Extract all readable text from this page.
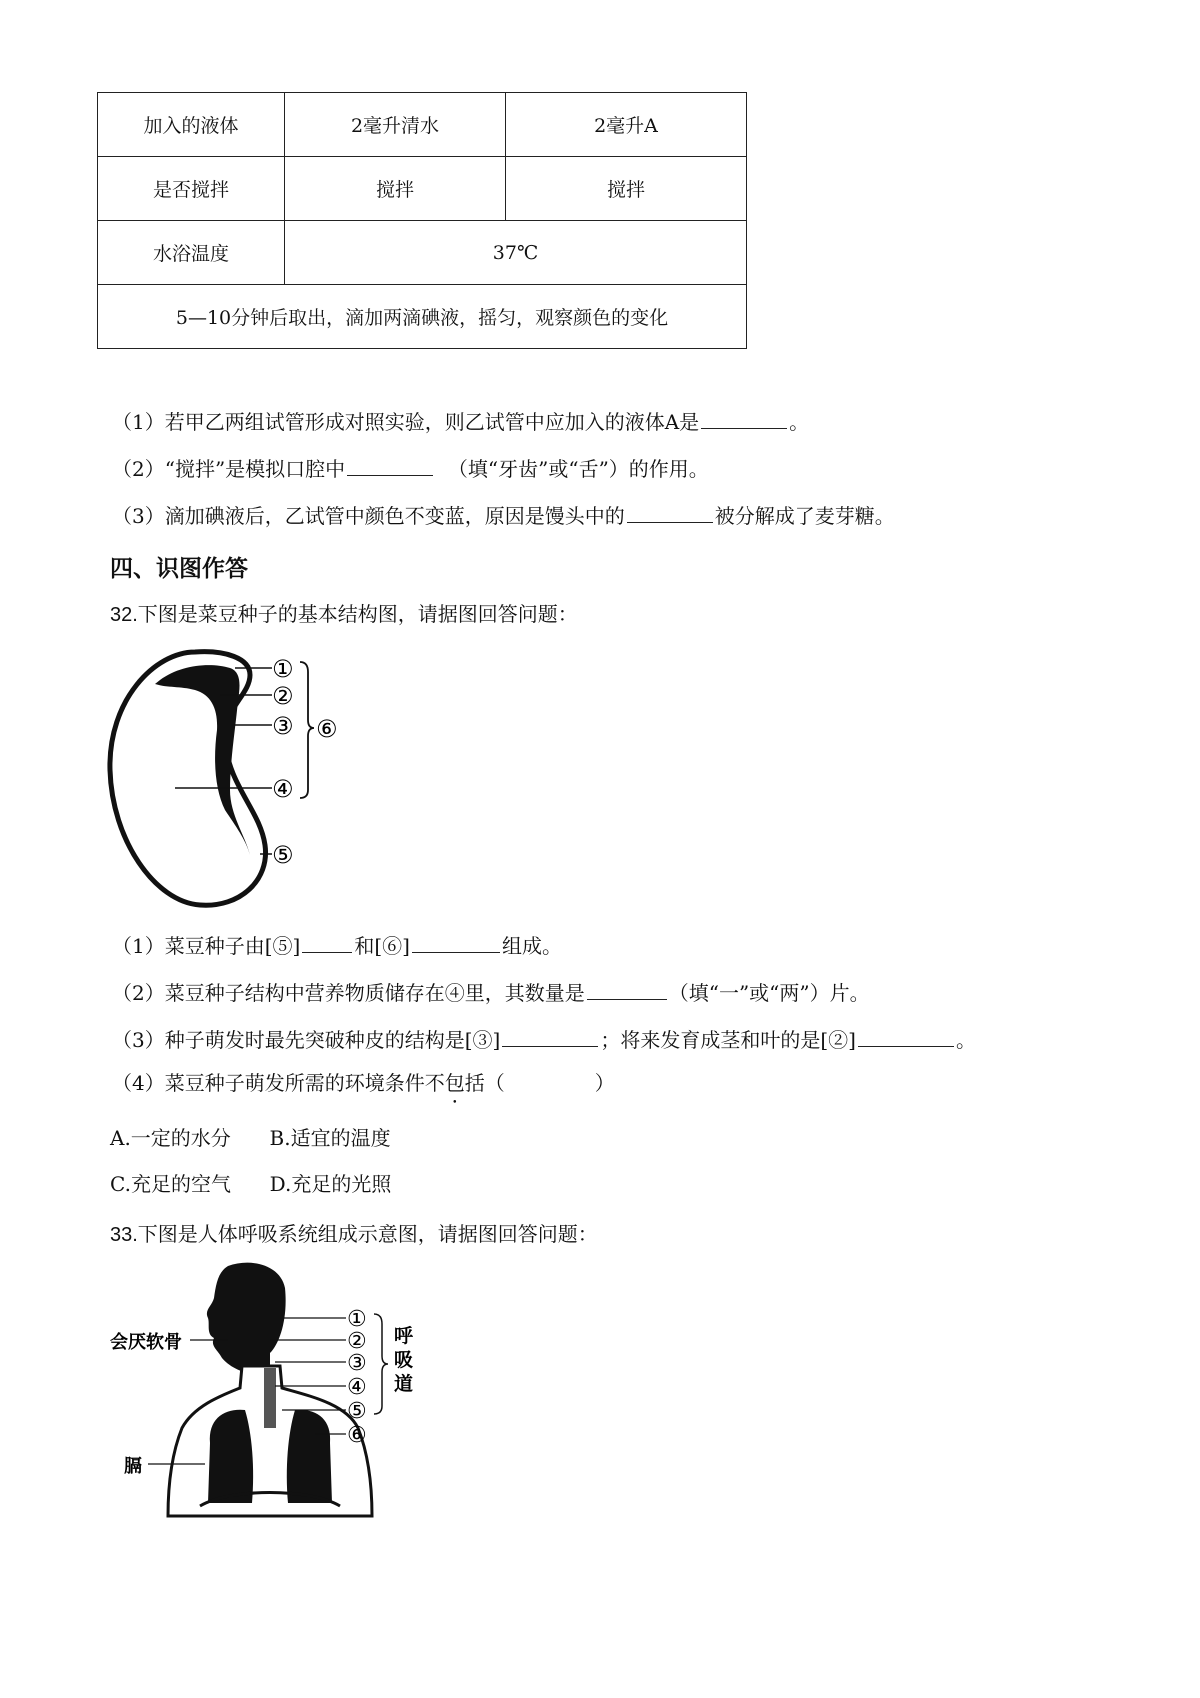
加入的液体	2毫升清水	2毫升A
是否搅拌	搅拌	搅拌
水浴温度	37℃	
5—10分钟后取出，滴加两滴碘液，摇匀，观察颜色的变化		
（1）若甲乙两组试管形成对照实验，则乙试管中应加入的液体A是	。
（2）“搅拌”是模拟口腔中	（填“牙齿”或“舌”）的作用。
（3）滴加碘液后，乙试管中颜色不变蓝，原因是馒头中的	被分解成了麦芽糖。
四、识图作答
32.下图是菜豆种子的基本结构图，请据图回答问题：
①
②
③
④
⑤
⑥
（1）菜豆种子由[⑤]	和[⑥]	组成。
（2）菜豆种子结构中营养物质储存在④里，其数量是	（填“一”或“两”）片。
（3）种子萌发时最先突破种皮的结构是[③]	；将来发育成茎和叶的是[②]	。
（4）菜豆种子萌发所需的环境条件不包括（	）
A.一定的水分 B.适宜的温度
C.充足的空气 D.充足的光照
33.下图是人体呼吸系统组成示意图，请据图回答问题：
①
②
③
④
⑤
⑥
呼
吸
道
会厌软骨
膈
